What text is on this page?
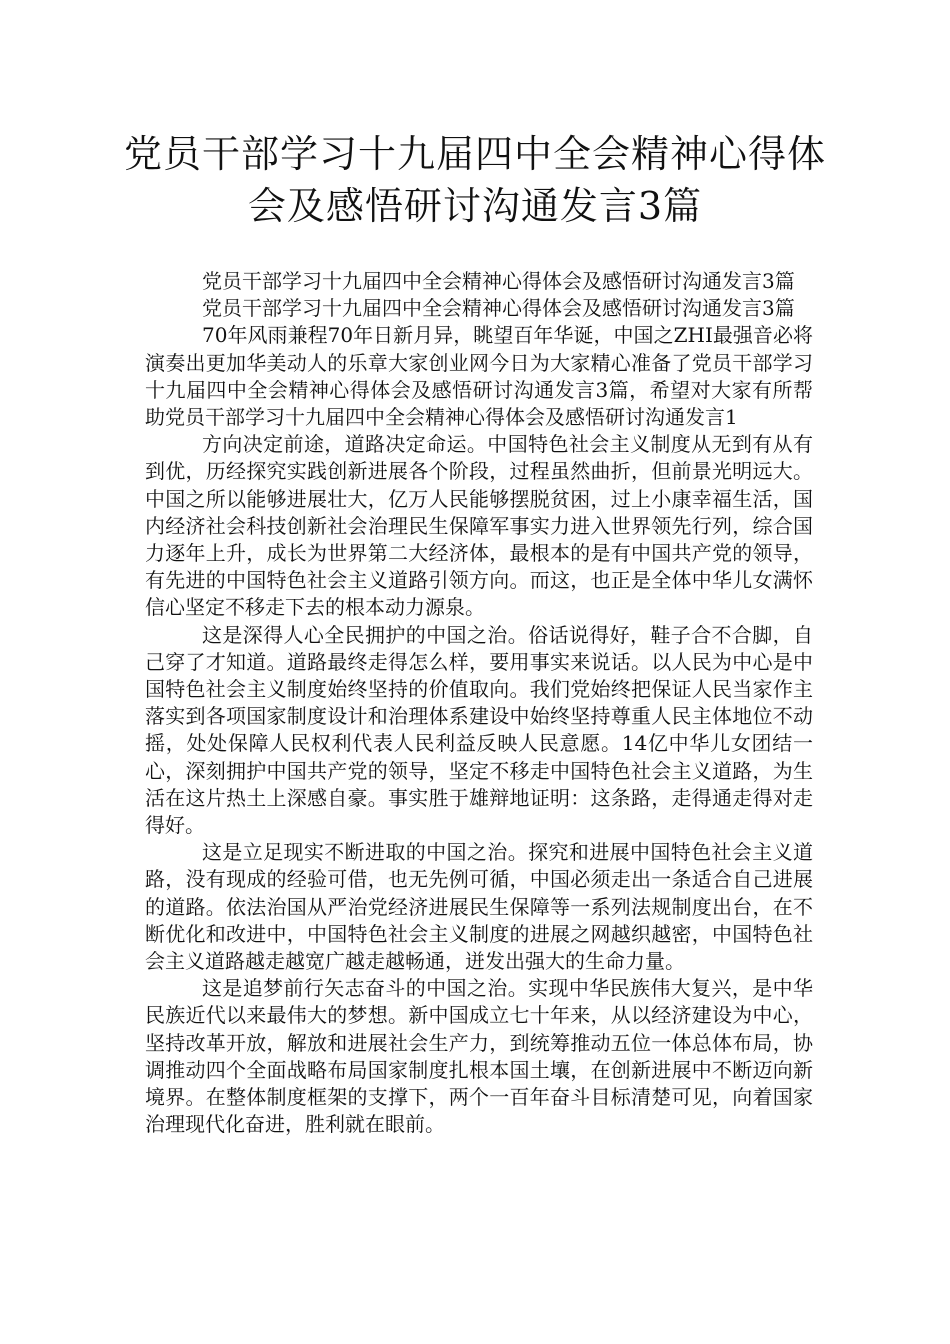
党员干部学习十九届四中全会精神心得体会及感悟研讨沟通发言3篇

党员干部学习十九届四中全会精神心得体会及感悟研讨沟通发言3篇

党员干部学习十九届四中全会精神心得体会及感悟研讨沟通发言3篇

70年风雨兼程70年日新月异，眺望百年华诞，中国之ZHI最强音必将演奏出更加华美动人的乐章大家创业网今日为大家精心准备了党员干部学习十九届四中全会精神心得体会及感悟研讨沟通发言3篇，希望对大家有所帮助党员干部学习十九届四中全会精神心得体会及感悟研讨沟通发言1

方向决定前途，道路决定命运。中国特色社会主义制度从无到有从有到优，历经探究实践创新进展各个阶段，过程虽然曲折，但前景光明远大。中国之所以能够进展壮大，亿万人民能够摆脱贫困，过上小康幸福生活，国内经济社会科技创新社会治理民生保障军事实力进入世界领先行列，综合国力逐年上升，成长为世界第二大经济体，最根本的是有中国共产党的领导，有先进的中国特色社会主义道路引领方向。而这，也正是全体中华儿女满怀信心坚定不移走下去的根本动力源泉。

这是深得人心全民拥护的中国之治。俗话说得好，鞋子合不合脚，自己穿了才知道。道路最终走得怎么样，要用事实来说话。以人民为中心是中国特色社会主义制度始终坚持的价值取向。我们党始终把保证人民当家作主落实到各项国家制度设计和治理体系建设中始终坚持尊重人民主体地位不动摇，处处保障人民权利代表人民利益反映人民意愿。14亿中华儿女团结一心，深刻拥护中国共产党的领导，坚定不移走中国特色社会主义道路，为生活在这片热土上深感自豪。事实胜于雄辩地证明：这条路，走得通走得对走得好。

这是立足现实不断进取的中国之治。探究和进展中国特色社会主义道路，没有现成的经验可借，也无先例可循，中国必须走出一条适合自己进展的道路。依法治国从严治党经济进展民生保障等一系列法规制度出台，在不断优化和改进中，中国特色社会主义制度的进展之网越织越密，中国特色社会主义道路越走越宽广越走越畅通，迸发出强大的生命力量。

这是追梦前行矢志奋斗的中国之治。实现中华民族伟大复兴，是中华民族近代以来最伟大的梦想。新中国成立七十年来，从以经济建设为中心，坚持改革开放，解放和进展社会生产力，到统筹推动五位一体总体布局，协调推动四个全面战略布局国家制度扎根本国土壤，在创新进展中不断迈向新境界。在整体制度框架的支撑下，两个一百年奋斗目标清楚可见，向着国家治理现代化奋进，胜利就在眼前。
